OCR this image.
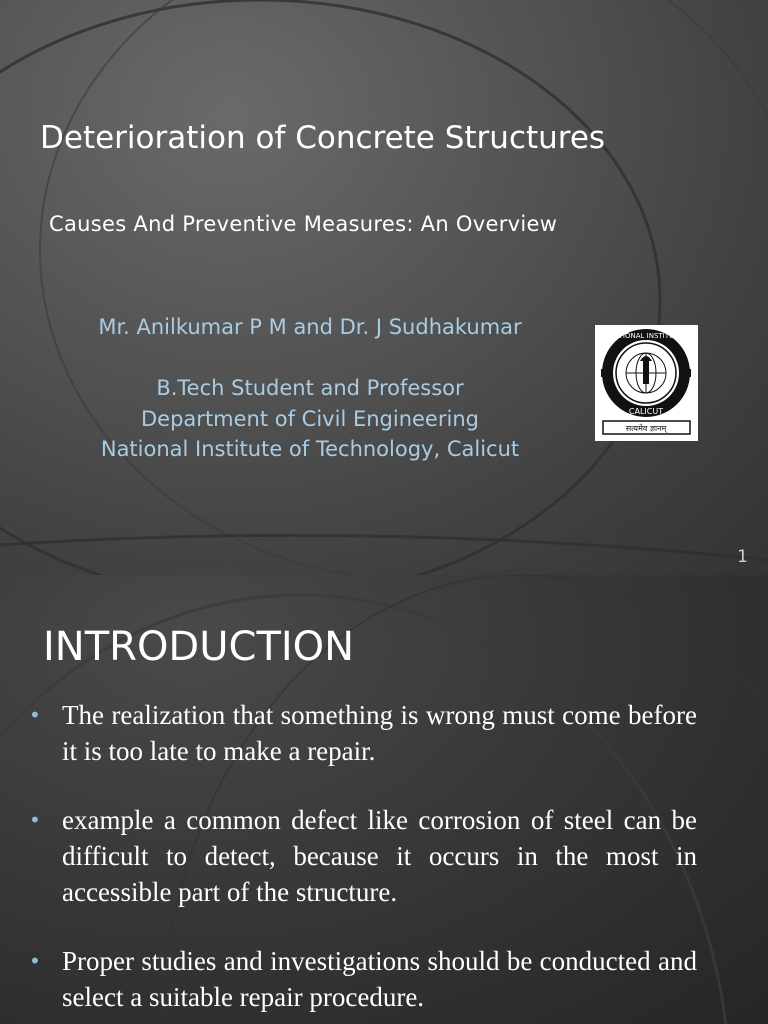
Deterioration of Concrete Structures
Causes And Preventive Measures: An Overview
Mr. Anilkumar P M and Dr. J Sudhakumar
B.Tech Student and Professor
Department of Civil Engineering
National Institute of Technology, Calicut
NATIONAL INSTITUTE
CALICUT
सत्यमेव ज्ञानम्
1
INTRODUCTION
• The realization that something is wrong must come before it is too late to make a repair.
• example a common defect like corrosion of steel can be difficult to detect, because it occurs in the most in accessible part of the structure.
• Proper studies and investigations should be conducted and select a suitable repair procedure.
